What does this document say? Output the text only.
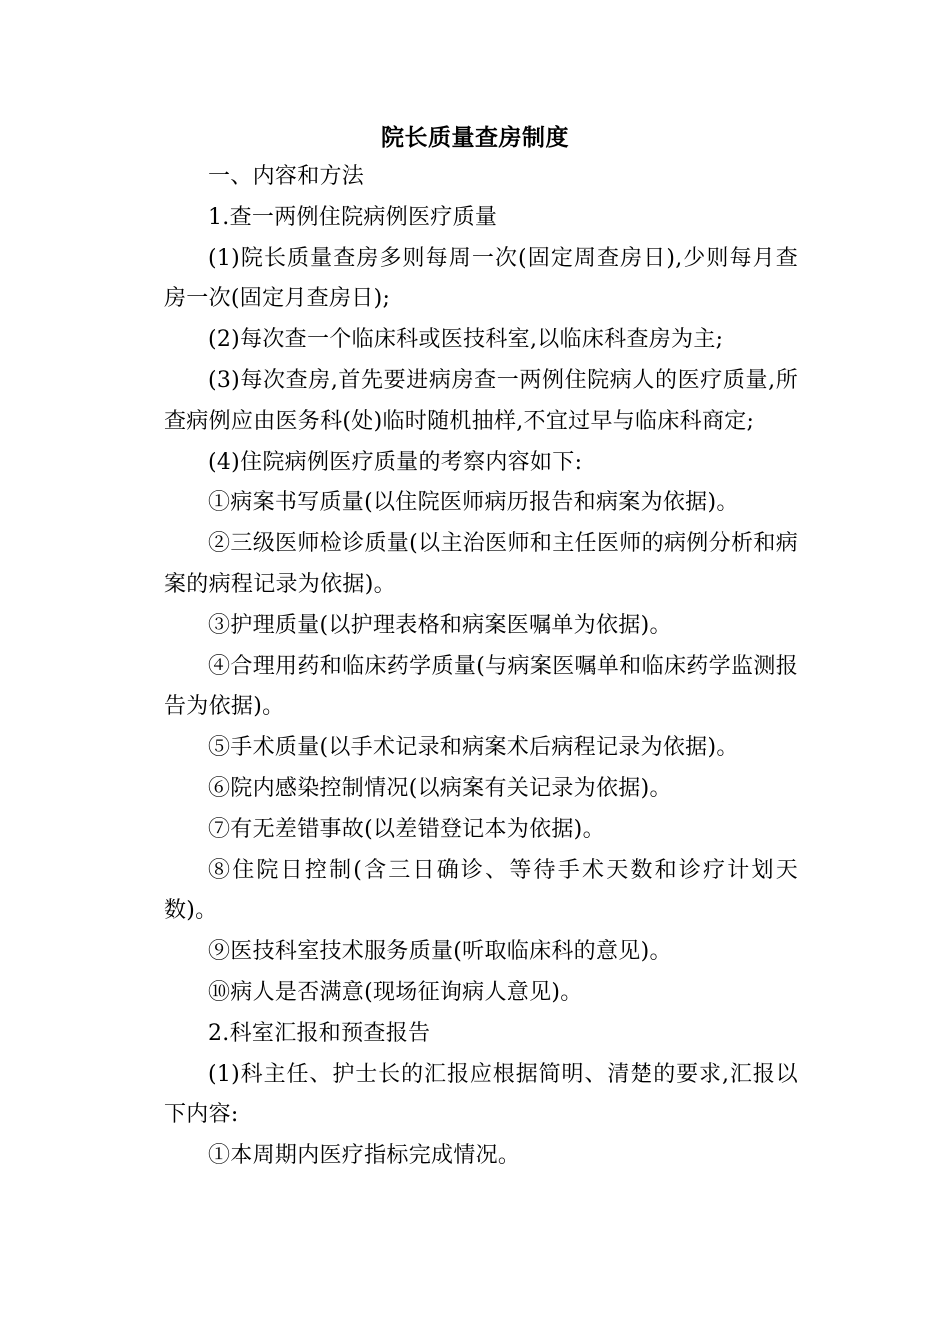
院长质量查房制度

一、内容和方法

1.查一两例住院病例医疗质量

(1)院长质量查房多则每周一次(固定周查房日),少则每月查房一次(固定月查房日);

(2)每次查一个临床科或医技科室,以临床科查房为主;

(3)每次查房,首先要进病房查一两例住院病人的医疗质量,所查病例应由医务科(处)临时随机抽样,不宜过早与临床科商定;

(4)住院病例医疗质量的考察内容如下:

①病案书写质量(以住院医师病历报告和病案为依据)。

②三级医师检诊质量(以主治医师和主任医师的病例分析和病案的病程记录为依据)。

③护理质量(以护理表格和病案医嘱单为依据)。

④合理用药和临床药学质量(与病案医嘱单和临床药学监测报告为依据)。

⑤手术质量(以手术记录和病案术后病程记录为依据)。

⑥院内感染控制情况(以病案有关记录为依据)。

⑦有无差错事故(以差错登记本为依据)。

⑧住院日控制(含三日确诊、等待手术天数和诊疗计划天数)。

⑨医技科室技术服务质量(听取临床科的意见)。

⑩病人是否满意(现场征询病人意见)。

2.科室汇报和预查报告

(1)科主任、护士长的汇报应根据简明、清楚的要求,汇报以下内容:

①本周期内医疗指标完成情况。
